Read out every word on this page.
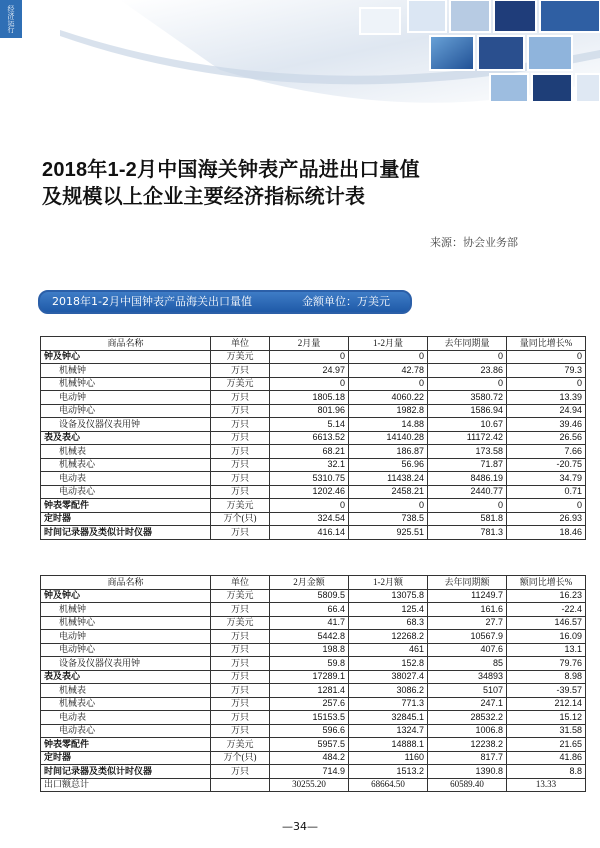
经济运行
2018年1-2月中国海关钟表产品进出口量值
及规模以上企业主要经济指标统计表
来源：协会业务部
2018年1-2月中国钟表产品海关出口量值	金额单位：万美元
商品名称	单位	2月量	1-2月量	去年同期量	量同比增长%
钟及钟心	万美元	0	0	0	0
机械钟	万只	24.97	42.78	23.86	79.3
机械钟心	万美元	0	0	0	0
电动钟	万只	1805.18	4060.22	3580.72	13.39
电动钟心	万只	801.96	1982.8	1586.94	24.94
设备及仪器仪表用钟	万只	5.14	14.88	10.67	39.46
表及表心	万只	6613.52	14140.28	11172.42	26.56
机械表	万只	68.21	186.87	173.58	7.66
机械表心	万只	32.1	56.96	71.87	-20.75
电动表	万只	5310.75	11438.24	8486.19	34.79
电动表心	万只	1202.46	2458.21	2440.77	0.71
钟表零配件	万美元	0	0	0	0
定时器	万个(只)	324.54	738.5	581.8	26.93
时间记录器及类似计时仪器	万只	416.14	925.51	781.3	18.46
商品名称	单位	2月金额	1-2月额	去年同期额	额同比增长%
钟及钟心	万美元	5809.5	13075.8	11249.7	16.23
机械钟	万只	66.4	125.4	161.6	-22.4
机械钟心	万美元	41.7	68.3	27.7	146.57
电动钟	万只	5442.8	12268.2	10567.9	16.09
电动钟心	万只	198.8	461	407.6	13.1
设备及仪器仪表用钟	万只	59.8	152.8	85	79.76
表及表心	万只	17289.1	38027.4	34893	8.98
机械表	万只	1281.4	3086.2	5107	-39.57
机械表心	万只	257.6	771.3	247.1	212.14
电动表	万只	15153.5	32845.1	28532.2	15.12
电动表心	万只	596.6	1324.7	1006.8	31.58
钟表零配件	万美元	5957.5	14888.1	12238.2	21.65
定时器	万个(只)	484.2	1160	817.7	41.86
时间记录器及类似计时仪器	万只	714.9	1513.2	1390.8	8.8
出口额总计		30255.20	68664.50	60589.40	13.33
—34—
